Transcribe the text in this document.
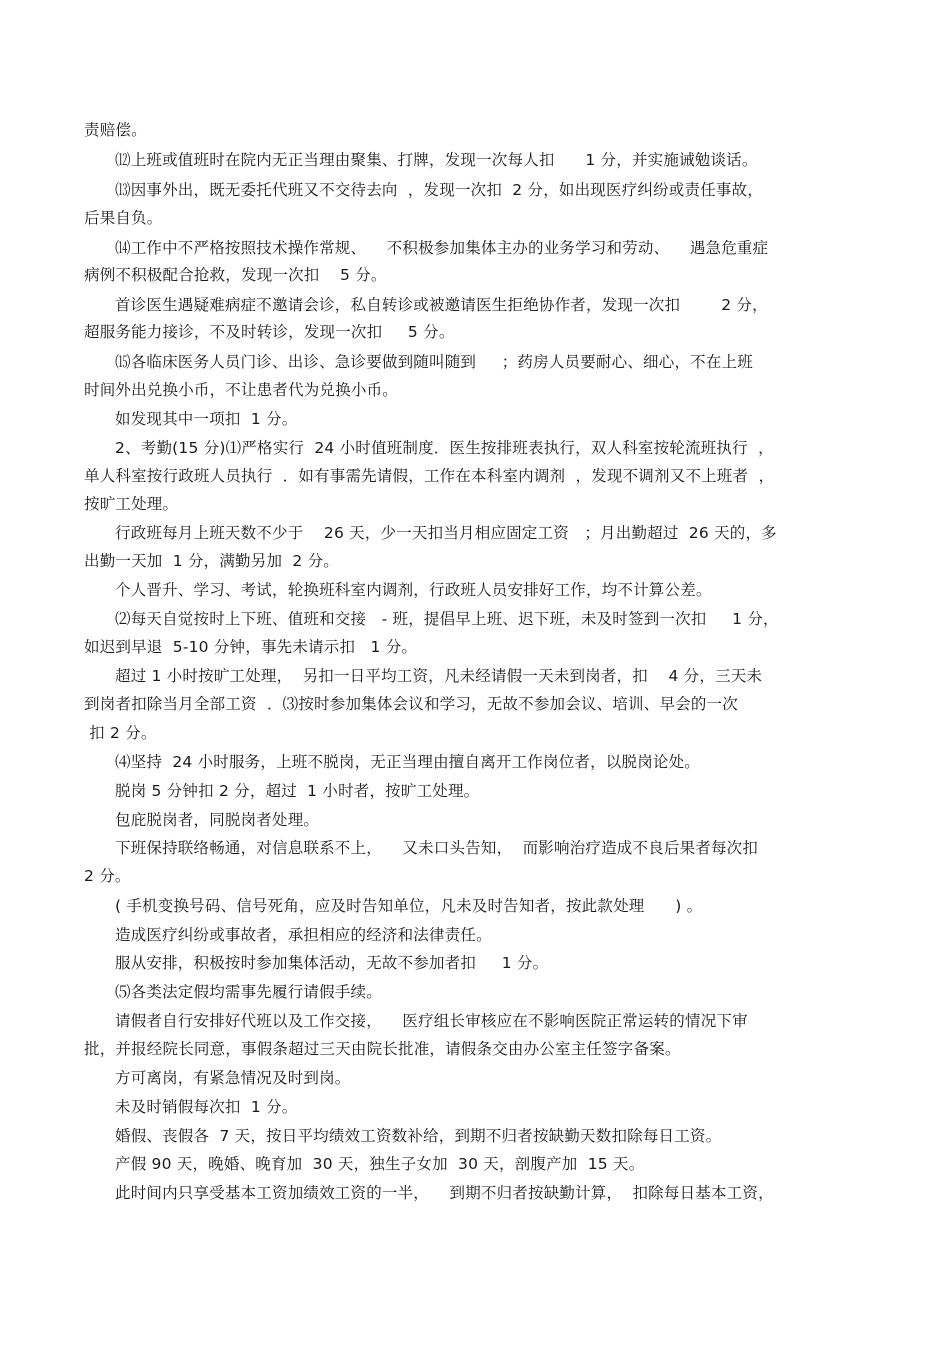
责赔偿。
⑿上班或值班时在院内无正当理由聚集、打牌，发现一次每人扣      1 分，并实施诫勉谈话。
⒀因事外出，既无委托代班又不交待去向  ，发现一次扣  2 分，如出现医疗纠纷或责任事故，
后果自负。
⒁工作中不严格按照技术操作常规、    不积极参加集体主办的业务学习和劳动、    遇急危重症
病例不积极配合抢救，发现一次扣    5 分。
首诊医生遇疑难病症不邀请会诊，私自转诊或被邀请医生拒绝协作者，发现一次扣        2 分，
超服务能力接诊，不及时转诊，发现一次扣     5 分。
⒂各临床医务人员门诊、出诊、急诊要做到随叫随到     ；药房人员要耐心、细心，不在上班
时间外出兑换小币，不让患者代为兑换小币。
如发现其中一项扣  1 分。
2、考勤(15 分)⑴严格实行  24 小时值班制度．医生按排班表执行，双人科室按轮流班执行  ，
单人科室按行政班人员执行  ．如有事需先请假，工作在本科室内调剂  ，发现不调剂又不上班者  ，
按旷工处理。
行政班每月上班天数不少于    26 天，少一天扣当月相应固定工资   ；月出勤超过  26 天的，多
出勤一天加  1 分，满勤另加  2 分。
个人晋升、学习、考试，轮换班科室内调剂，行政班人员安排好工作，均不计算公差。
⑵每天自觉按时上下班、值班和交接   - 班，提倡早上班、迟下班，未及时签到一次扣     1 分，
如迟到早退  5-10 分钟，事先未请示扣   1 分。
超过 1 小时按旷工处理，  另扣一日平均工资，凡未经请假一天未到岗者，扣    4 分，三天未
到岗者扣除当月全部工资  ．⑶按时参加集体会议和学习，无故不参加会议、培训、早会的一次
扣 2 分。
⑷坚持  24 小时服务，上班不脱岗，无正当理由擅自离开工作岗位者，以脱岗论处。
脱岗 5 分钟扣 2 分，超过  1 小时者，按旷工处理。
包庇脱岗者，同脱岗者处理。
下班保持联络畅通，对信息联系不上，    又未口头告知，  而影响治疗造成不良后果者每次扣
2 分。
( 手机变换号码、信号死角，应及时告知单位，凡未及时告知者，按此款处理      ) 。
造成医疗纠纷或事故者，承担相应的经济和法律责任。
服从安排，积极按时参加集体活动，无故不参加者扣     1 分。
⑸各类法定假均需事先履行请假手续。
请假者自行安排好代班以及工作交接，    医疗组长审核应在不影响医院正常运转的情况下审
批，并报经院长同意，事假条超过三天由院长批准，请假条交由办公室主任签字备案。
方可离岗，有紧急情况及时到岗。
未及时销假每次扣  1 分。
婚假、丧假各  7 天，按日平均绩效工资数补给，到期不归者按缺勤天数扣除每日工资。
产假 90 天，晚婚、晚育加  30 天，独生子女加  30 天，剖腹产加  15 天。
此时间内只享受基本工资加绩效工资的一半，    到期不归者按缺勤计算，  扣除每日基本工资，
